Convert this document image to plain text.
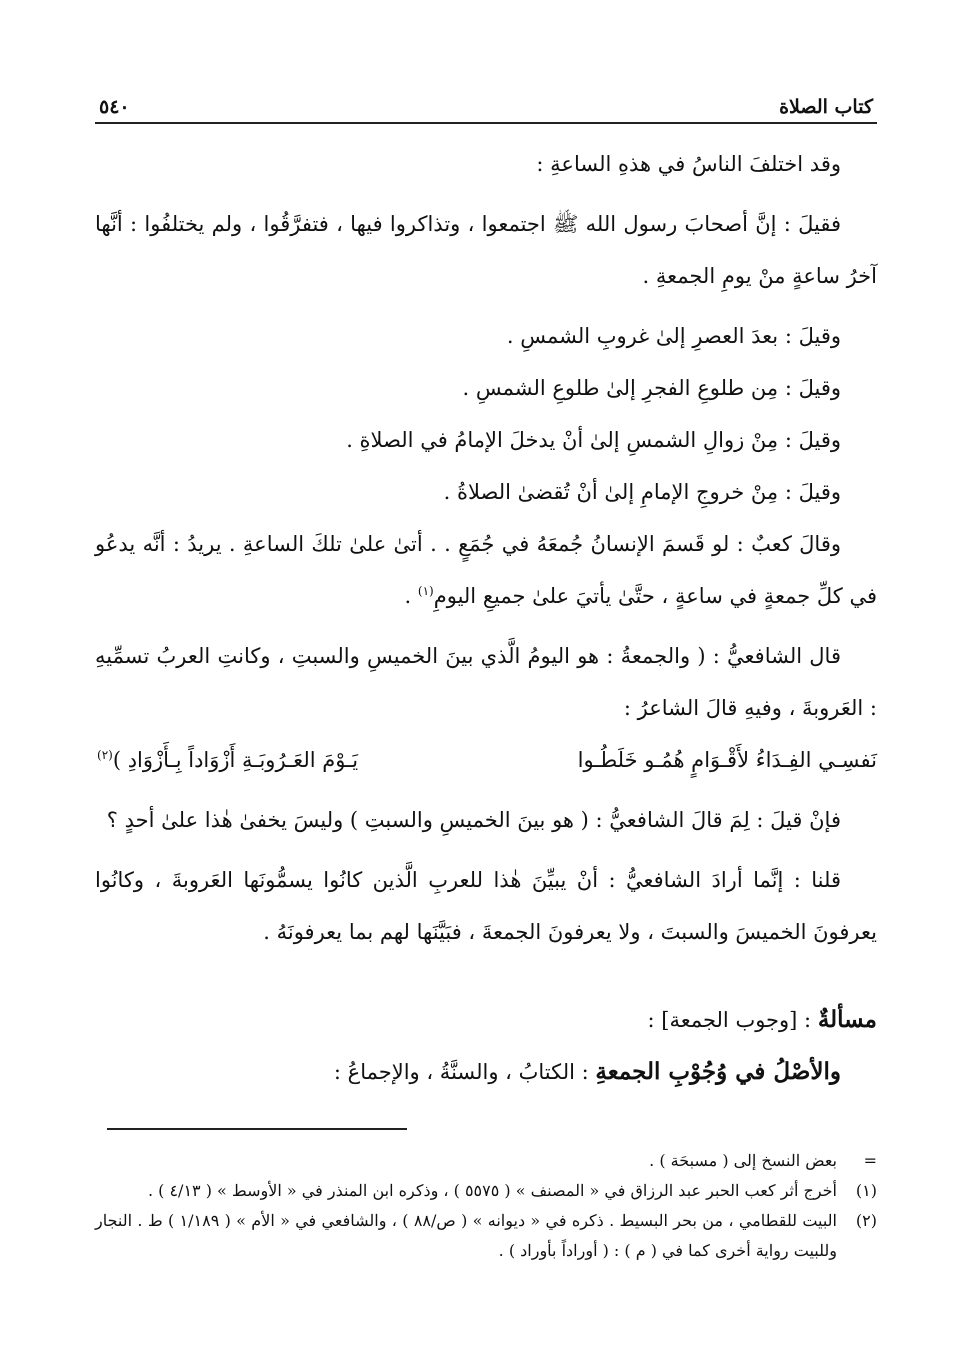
كتاب الصلاة
٥٤٠

وقد اختلفَ الناسُ في هذهِ الساعةِ :

فقيلَ : إنَّ أصحابَ رسول الله ﷺ اجتمعوا ، وتذاكروا فيها ، فتفرَّقُوا ، ولم يختلفُوا : أنَّها آخرُ ساعةٍ منْ يومِ الجمعةِ .

وقيلَ : بعدَ العصرِ إلىٰ غروبِ الشمسِ .

وقيلَ : مِن طلوعِ الفجرِ إلىٰ طلوعِ الشمسِ .

وقيلَ : مِنْ زوالِ الشمسِ إلىٰ أنْ يدخلَ الإمامُ في الصلاةِ .

وقيلَ : مِنْ خروجِ الإمامِ إلىٰ أنْ تُقضىٰ الصلاةُ .

وقالَ كعبٌ : لو قَسمَ الإنسانُ جُمعَهُ في جُمَعٍ . . أتىٰ علىٰ تلكَ الساعةِ . يريدُ : أنَّه يدعُو في كلِّ جمعةٍ في ساعةٍ ، حتَّىٰ يأتيَ علىٰ جميعِ اليومِ$^{(١)}$ .

قال الشافعيُّ : ( والجمعةُ : هو اليومُ الَّذي بينَ الخميسِ والسبتِ ، وكانتِ العربُ تسمِّيهِ : العَروبةَ ، وفيهِ قالَ الشاعرُ :

نَفسِـي الفِـدَاءُ لأَقْـوَامٍ هُمُـو خَلَطُـوا
يَـوْمَ العَـرُوبَـةِ أَزْوَاداً بِـأَزْوَادِ )$^{(٢)}$

فإنْ قيلَ : لِمَ قالَ الشافعيُّ : ( هو بينَ الخميسِ والسبتِ ) وليسَ يخفىٰ هٰذا علىٰ أحدٍ ؟

قلنا : إنَّما أرادَ الشافعيُّ : أنْ يبيِّنَ هٰذا للعربِ الَّذين كانُوا يسمُّونَها العَروبةَ ، وكانُوا يعرفونَ الخميسَ والسبتَ ، ولا يعرفونَ الجمعةَ ، فبَيَّنَها لهم بما يعرفونَهُ .

مسألةٌ : [وجوب الجمعة] :

والأصْلُ في وُجُوْبِ الجمعةِ : الكتابُ ، والسنَّةُ ، والإجماعُ :

=
بعض النسخ إلى ( مسبحَة ) .
(١)
أخرج أثر كعب الحبر عبد الرزاق في « المصنف » ( ٥٥٧٥ ) ، وذكره ابن المنذر في « الأوسط » ( ٤/١٣ ) .
(٢)
البيت للقطامي ، من بحر البسيط . ذكره في « ديوانه » ( ص/٨٨ ) ، والشافعي في « الأم » ( ١/١٨٩ ) ط . النجار وللبيت رواية أخرى كما في ( م ) : ( أوراداً بأوراد ) .
